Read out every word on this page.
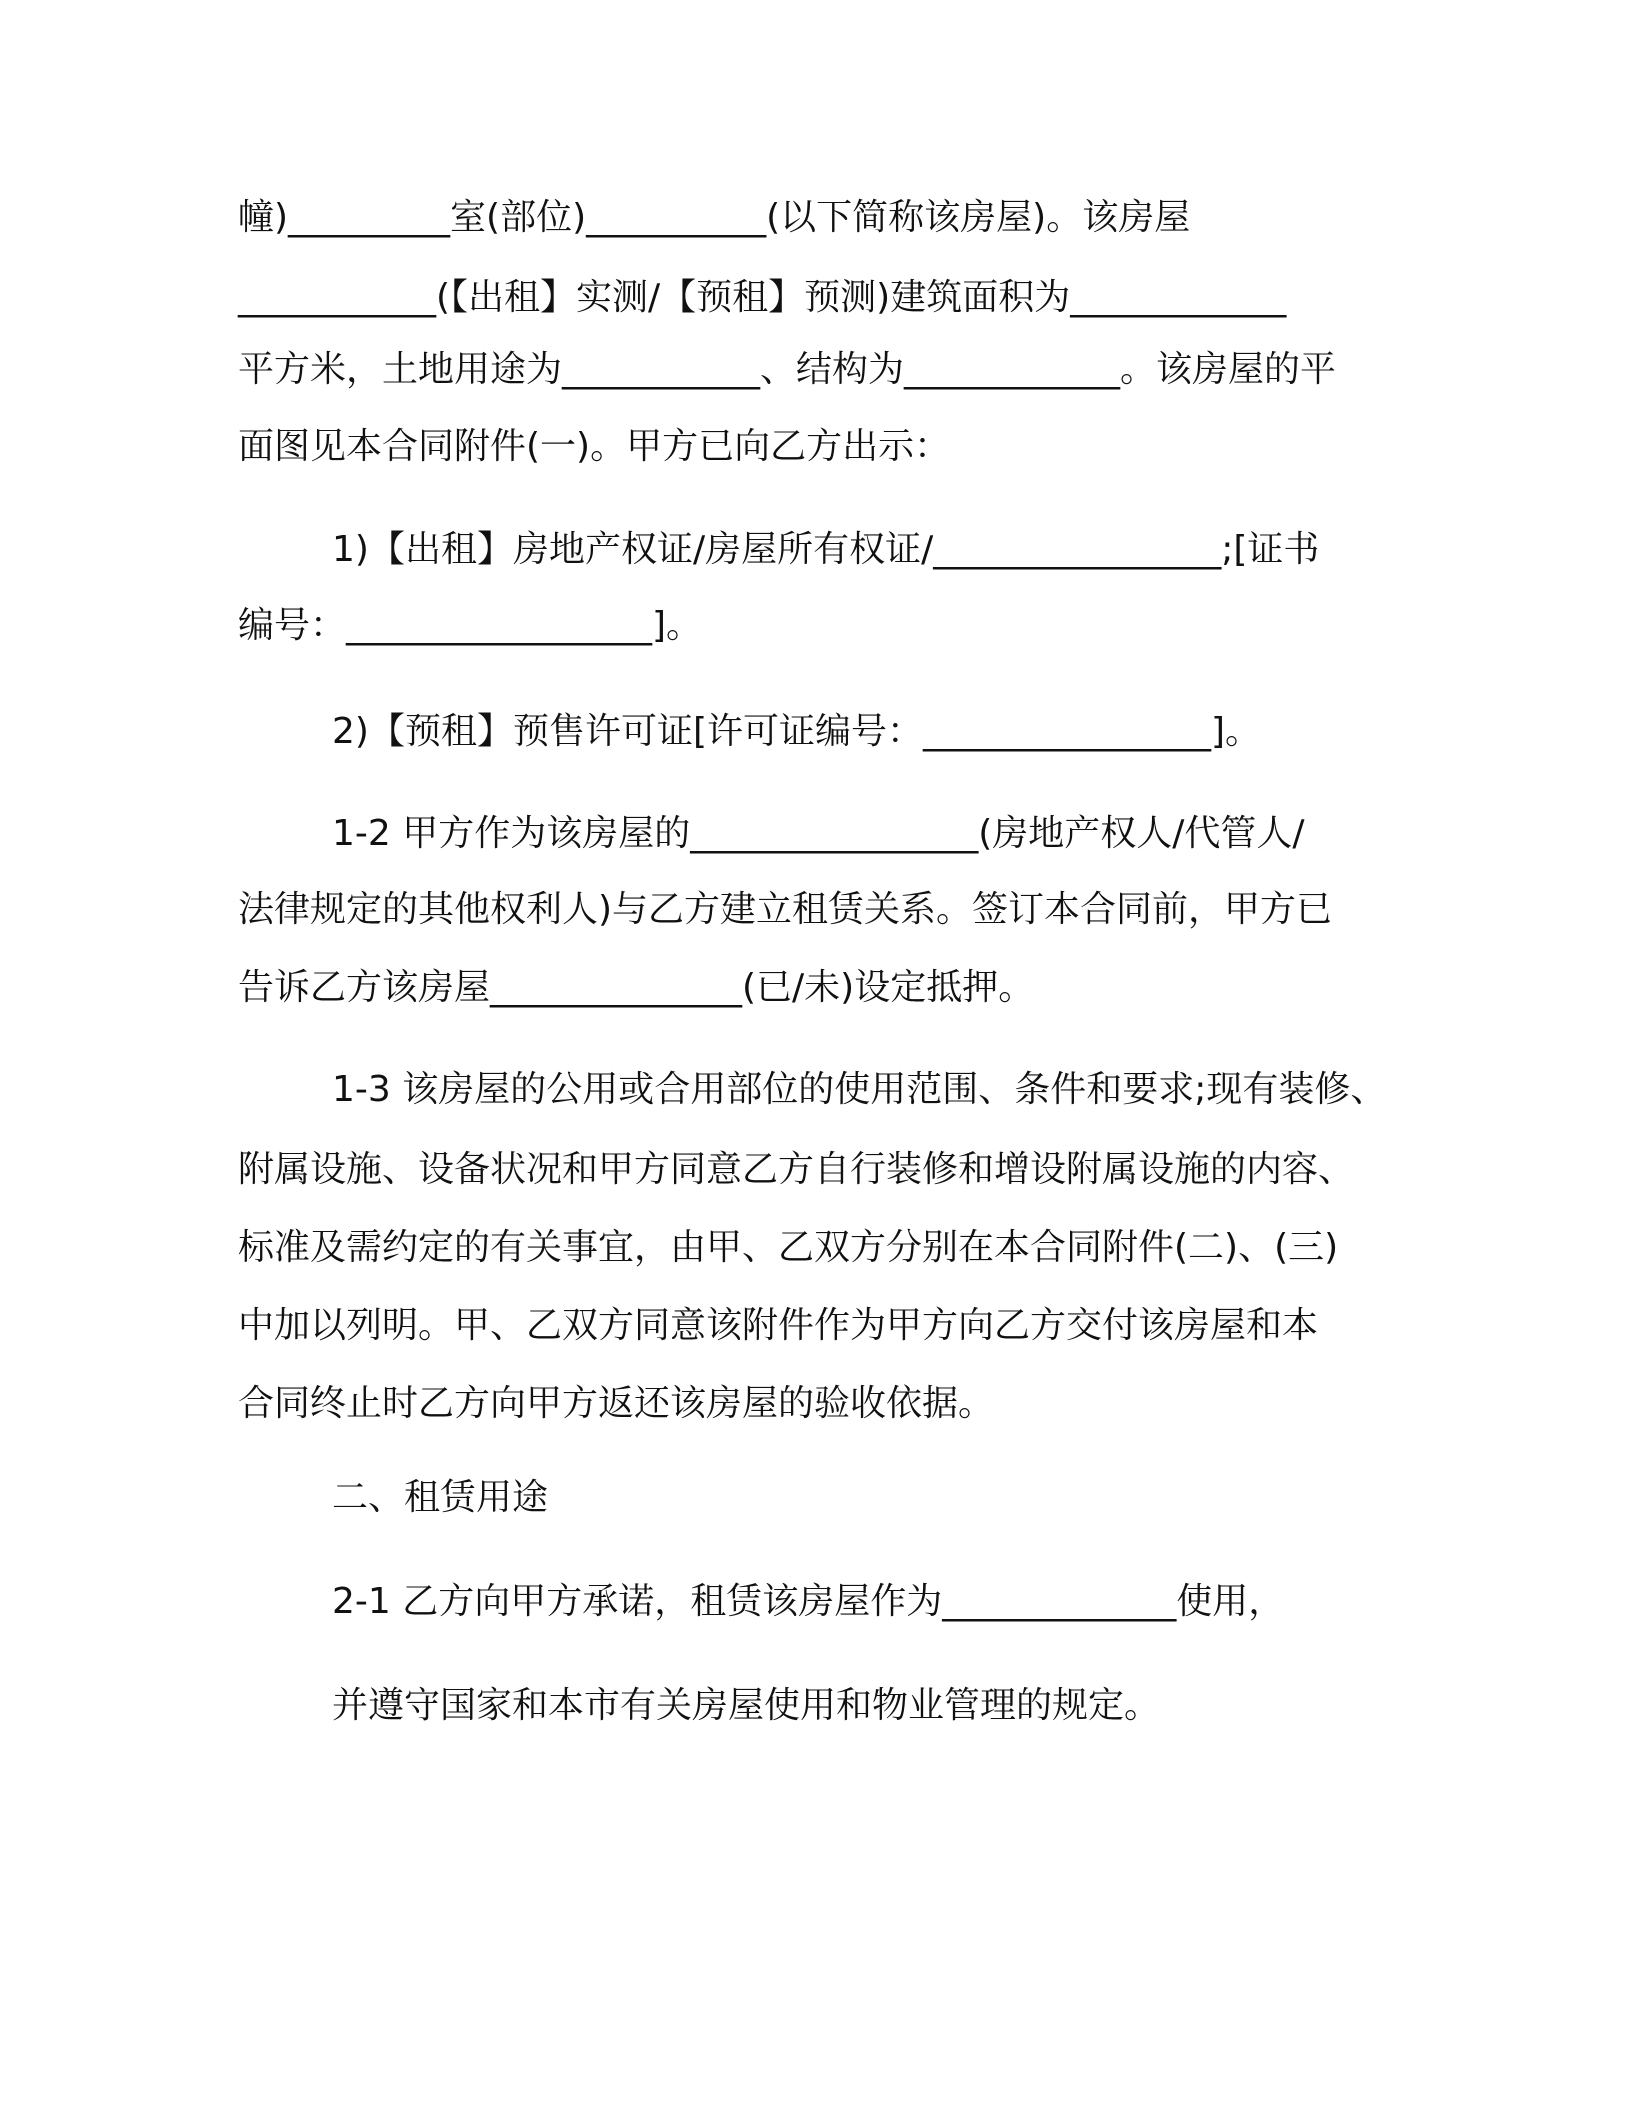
幢)_________室(部位)__________(以下简称该房屋)。该房屋
___________(【出租】实测/【预租】预测)建筑面积为____________
平方米，土地用途为___________、结构为____________。该房屋的平
面图见本合同附件(一)。甲方已向乙方出示：
1)【出租】房地产权证/房屋所有权证/________________;[证书
编号：_________________]。
2)【预租】预售许可证[许可证编号：________________]。
1-2 甲方作为该房屋的________________(房地产权人/代管人/
法律规定的其他权利人)与乙方建立租赁关系。签订本合同前，甲方已
告诉乙方该房屋______________(已/未)设定抵押。
1-3 该房屋的公用或合用部位的使用范围、条件和要求;现有装修、
附属设施、设备状况和甲方同意乙方自行装修和增设附属设施的内容、
标准及需约定的有关事宜，由甲、乙双方分别在本合同附件(二)、(三)
中加以列明。甲、乙双方同意该附件作为甲方向乙方交付该房屋和本
合同终止时乙方向甲方返还该房屋的验收依据。
二、租赁用途
2-1 乙方向甲方承诺，租赁该房屋作为_____________使用，
并遵守国家和本市有关房屋使用和物业管理的规定。
